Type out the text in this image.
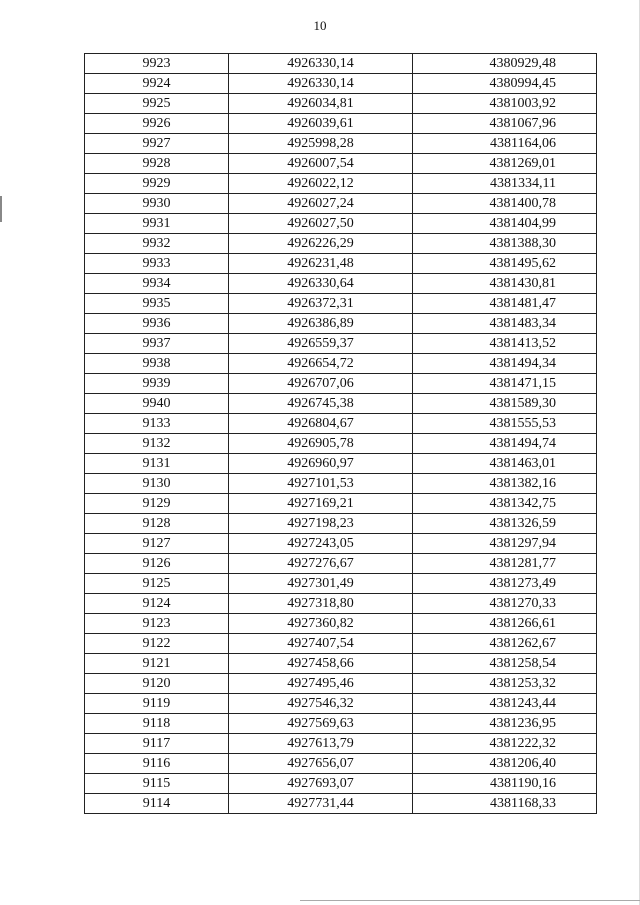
10
9923	4926330,14	4380929,48
9924	4926330,14	4380994,45
9925	4926034,81	4381003,92
9926	4926039,61	4381067,96
9927	4925998,28	4381164,06
9928	4926007,54	4381269,01
9929	4926022,12	4381334,11
9930	4926027,24	4381400,78
9931	4926027,50	4381404,99
9932	4926226,29	4381388,30
9933	4926231,48	4381495,62
9934	4926330,64	4381430,81
9935	4926372,31	4381481,47
9936	4926386,89	4381483,34
9937	4926559,37	4381413,52
9938	4926654,72	4381494,34
9939	4926707,06	4381471,15
9940	4926745,38	4381589,30
9133	4926804,67	4381555,53
9132	4926905,78	4381494,74
9131	4926960,97	4381463,01
9130	4927101,53	4381382,16
9129	4927169,21	4381342,75
9128	4927198,23	4381326,59
9127	4927243,05	4381297,94
9126	4927276,67	4381281,77
9125	4927301,49	4381273,49
9124	4927318,80	4381270,33
9123	4927360,82	4381266,61
9122	4927407,54	4381262,67
9121	4927458,66	4381258,54
9120	4927495,46	4381253,32
9119	4927546,32	4381243,44
9118	4927569,63	4381236,95
9117	4927613,79	4381222,32
9116	4927656,07	4381206,40
9115	4927693,07	4381190,16
9114	4927731,44	4381168,33
